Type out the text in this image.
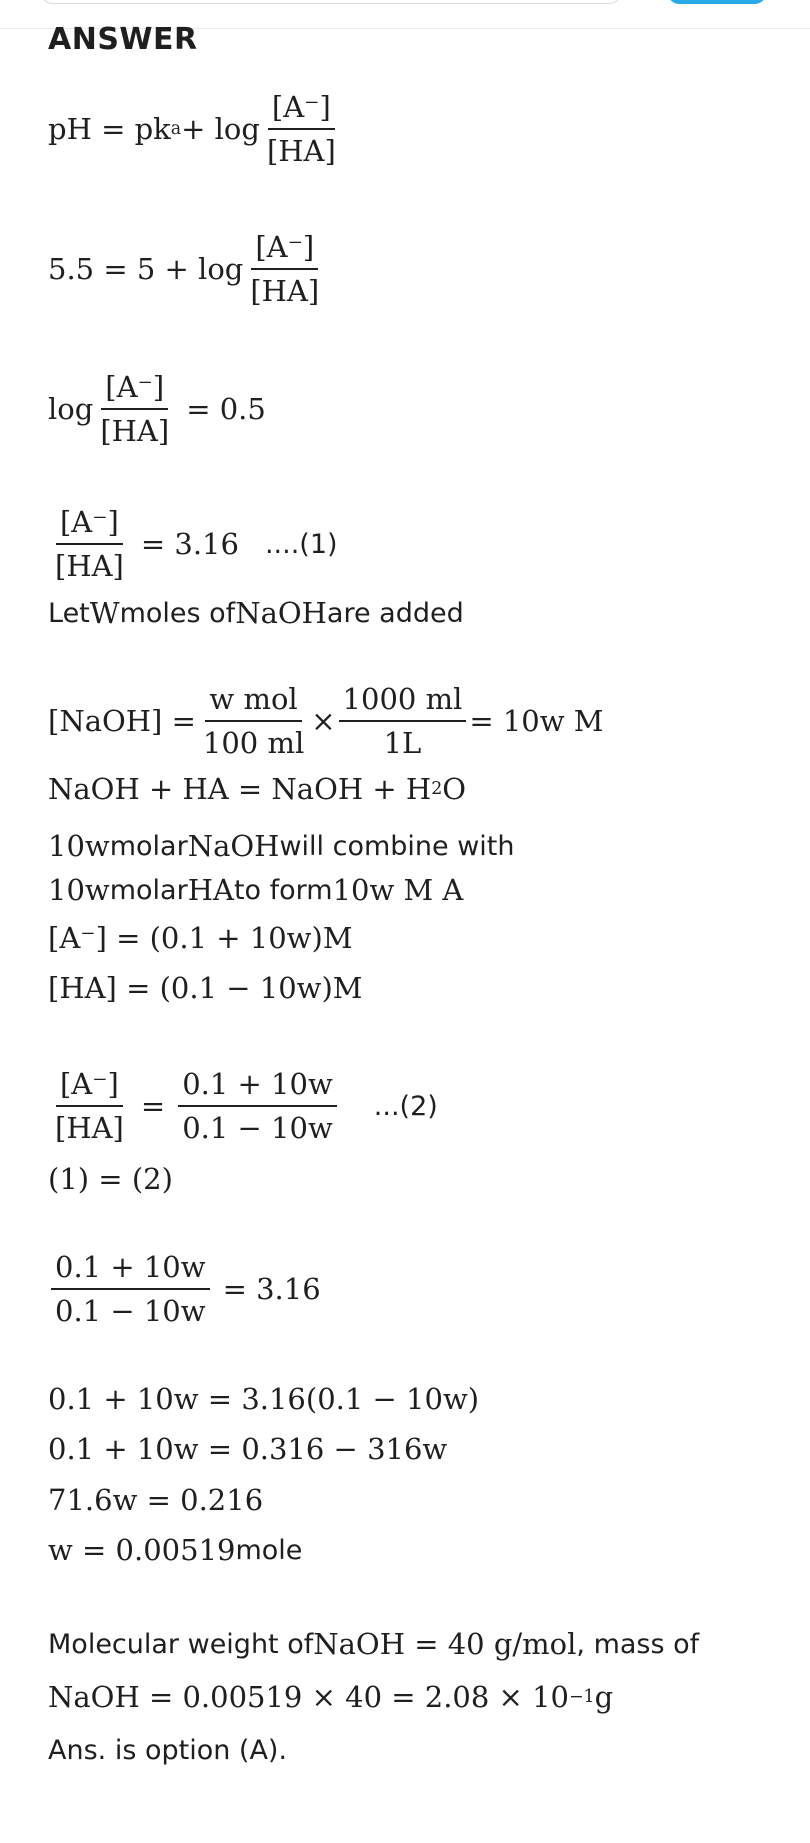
ANSWER
pH = pk $a + \log \frac{[A^-]}{[HA]}$
$5.5 = 5 + \log \frac{[A^-]}{[HA]}$
$\log \frac{[A^-]}{[HA]} = 0.5$
$\frac{[A^-]}{[HA]} = 3.16$ ....(1)
Let W moles of NaOH are added
[NaOH] = $\frac{\text{w mol}}{100 ml} \times \frac{1000 ml}{1L} = 10w$ M
NaOH + HA = NaOH + H 2 O
10w molar NaOH will combine with
10w molar HA to form 10w M A
[A⁻] = (0.1 + 10w)M
[HA] = (0.1 − 10w)M
$\frac{[A^-]}{[HA]} = \frac{0.1 + 10w}{0.1 - 10w} ...(2)$
(1) = (2)
$\frac{0.1 + 10w}{0.1 - 10w} = 3.16$
0.1 + 10w = 3.16(0.1 − 10w)
0.1 + 10w = 0.316 − 316w
71.6w = 0.216
w = 0.00519 mole
Molecular weight of NaOH = 40 g/mol , mass of
NaOH = 0.00519 × 40 = 2.08 × 10 −1 g
Ans. is option (A).
